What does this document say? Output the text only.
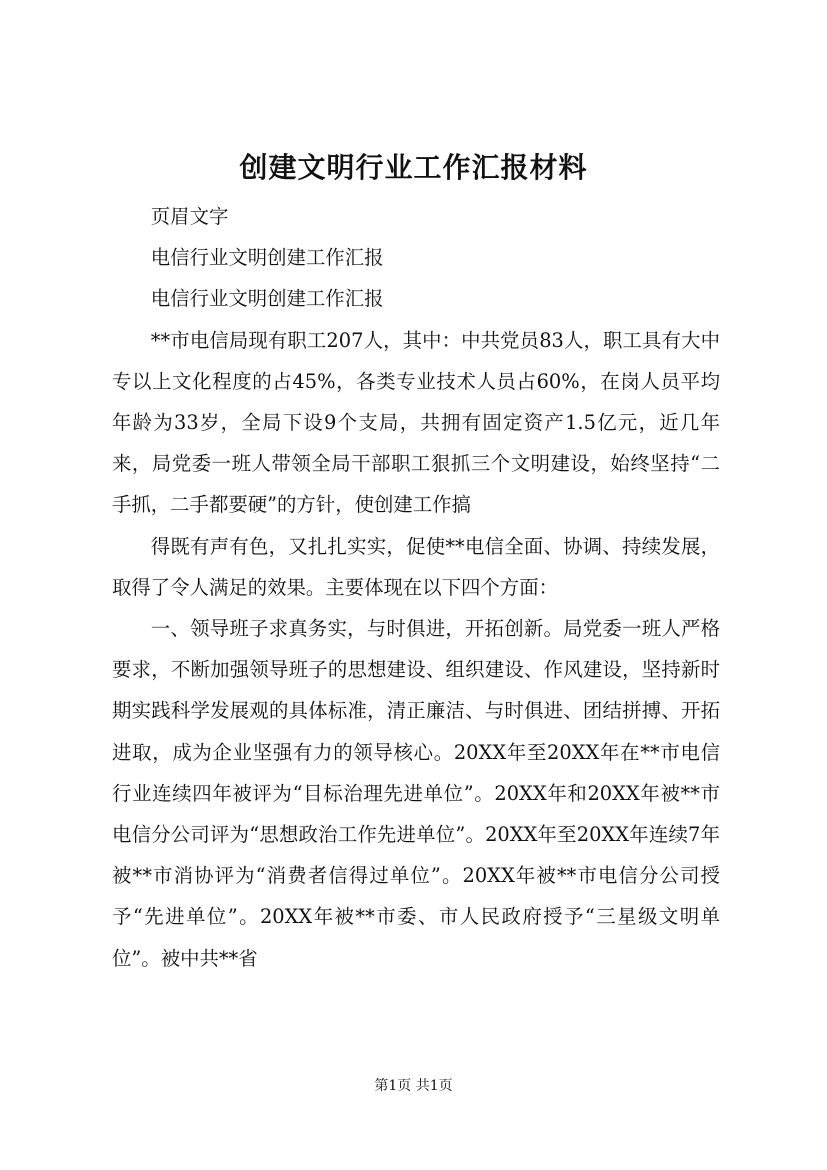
创建文明行业工作汇报材料

页眉文字

电信行业文明创建工作汇报

电信行业文明创建工作汇报

**市电信局现有职工207人，其中：中共党员83人，职工具有大中专以上文化程度的占45%，各类专业技术人员占60%，在岗人员平均年龄为33岁，全局下设9个支局，共拥有固定资产1.5亿元，近几年来，局党委一班人带领全局干部职工狠抓三个文明建设，始终坚持“二手抓，二手都要硬”的方针，使创建工作搞

得既有声有色，又扎扎实实，促使**电信全面、协调、持续发展，取得了令人满足的效果。主要体现在以下四个方面：

一、领导班子求真务实，与时俱进，开拓创新。局党委一班人严格要求，不断加强领导班子的思想建设、组织建设、作风建设，坚持新时期实践科学发展观的具体标准，清正廉洁、与时俱进、团结拼搏、开拓进取，成为企业坚强有力的领导核心。20XX年至20XX年在**市电信行业连续四年被评为“目标治理先进单位”。20XX年和20XX年被**市电信分公司评为“思想政治工作先进单位”。20XX年至20XX年连续7年被**市消协评为“消费者信得过单位”。20XX年被**市电信分公司授予“先进单位”。20XX年被**市委、市人民政府授予“三星级文明单位”。被中共**省

第1页 共1页
